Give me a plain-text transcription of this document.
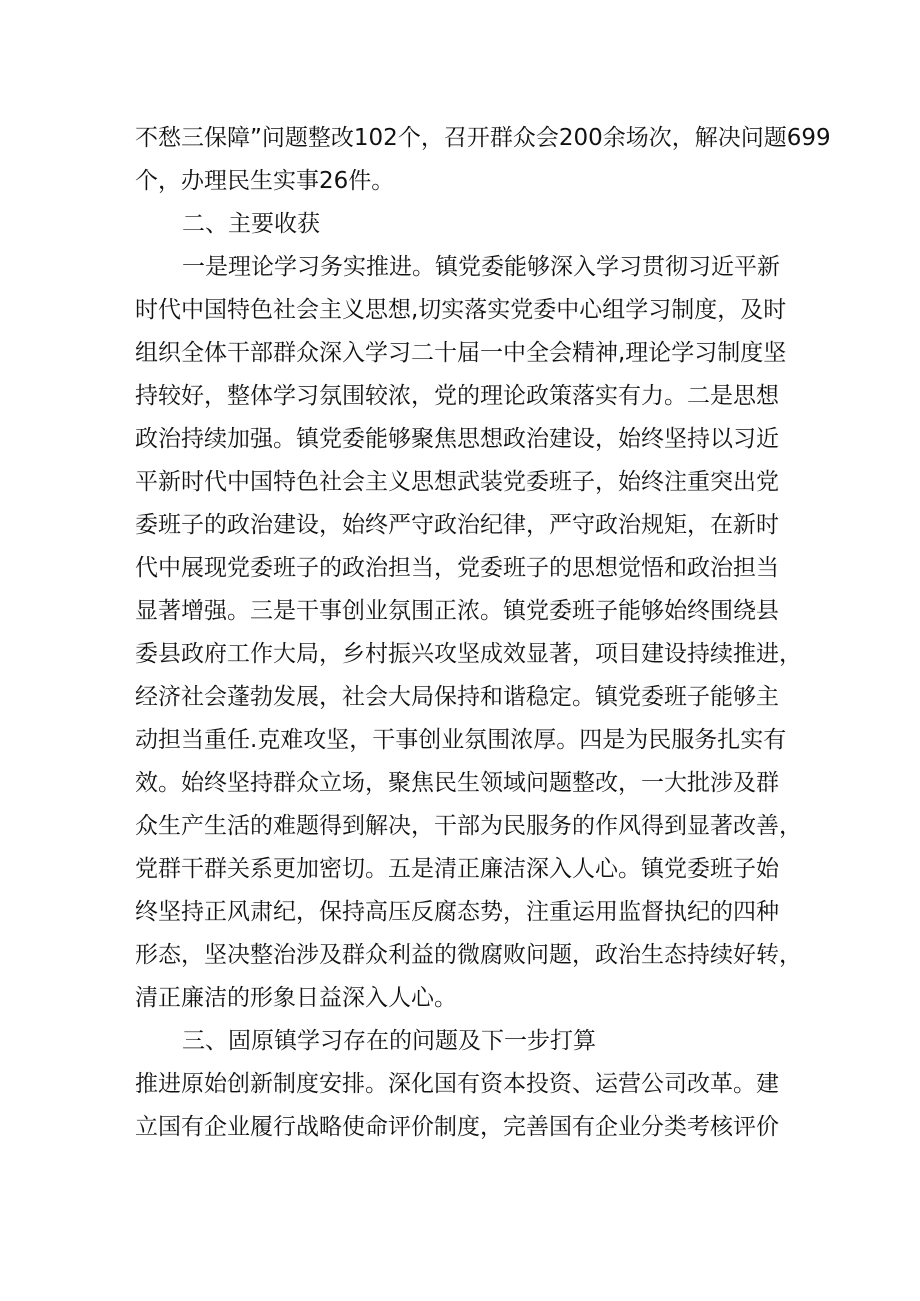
不愁三保障”问题整改102个，召开群众会200余场次，解决问题699
个，办理民生实事26件。
二、主要收获
一是理论学习务实推进。镇党委能够深入学习贯彻习近平新
时代中国特色社会主义思想,切实落实党委中心组学习制度，及时
组织全体干部群众深入学习二十届一中全会精神,理论学习制度坚
持较好，整体学习氛围较浓，党的理论政策落实有力。二是思想
政治持续加强。镇党委能够聚焦思想政治建设，始终坚持以习近
平新时代中国特色社会主义思想武装党委班子，始终注重突出党
委班子的政治建设，始终严守政治纪律，严守政治规矩，在新时
代中展现党委班子的政治担当，党委班子的思想觉悟和政治担当
显著增强。三是干事创业氛围正浓。镇党委班子能够始终围绕县
委县政府工作大局，乡村振兴攻坚成效显著，项目建设持续推进，
经济社会蓬勃发展，社会大局保持和谐稳定。镇党委班子能够主
动担当重任.克难攻坚，干事创业氛围浓厚。四是为民服务扎实有
效。始终坚持群众立场，聚焦民生领域问题整改，一大批涉及群
众生产生活的难题得到解决，干部为民服务的作风得到显著改善，
党群干群关系更加密切。五是清正廉洁深入人心。镇党委班子始
终坚持正风肃纪，保持高压反腐态势，注重运用监督执纪的四种
形态，坚决整治涉及群众利益的微腐败问题，政治生态持续好转，
清正廉洁的形象日益深入人心。
三、固原镇学习存在的问题及下一步打算
推进原始创新制度安排。深化国有资本投资、运营公司改革。建
立国有企业履行战略使命评价制度，完善国有企业分类考核评价
